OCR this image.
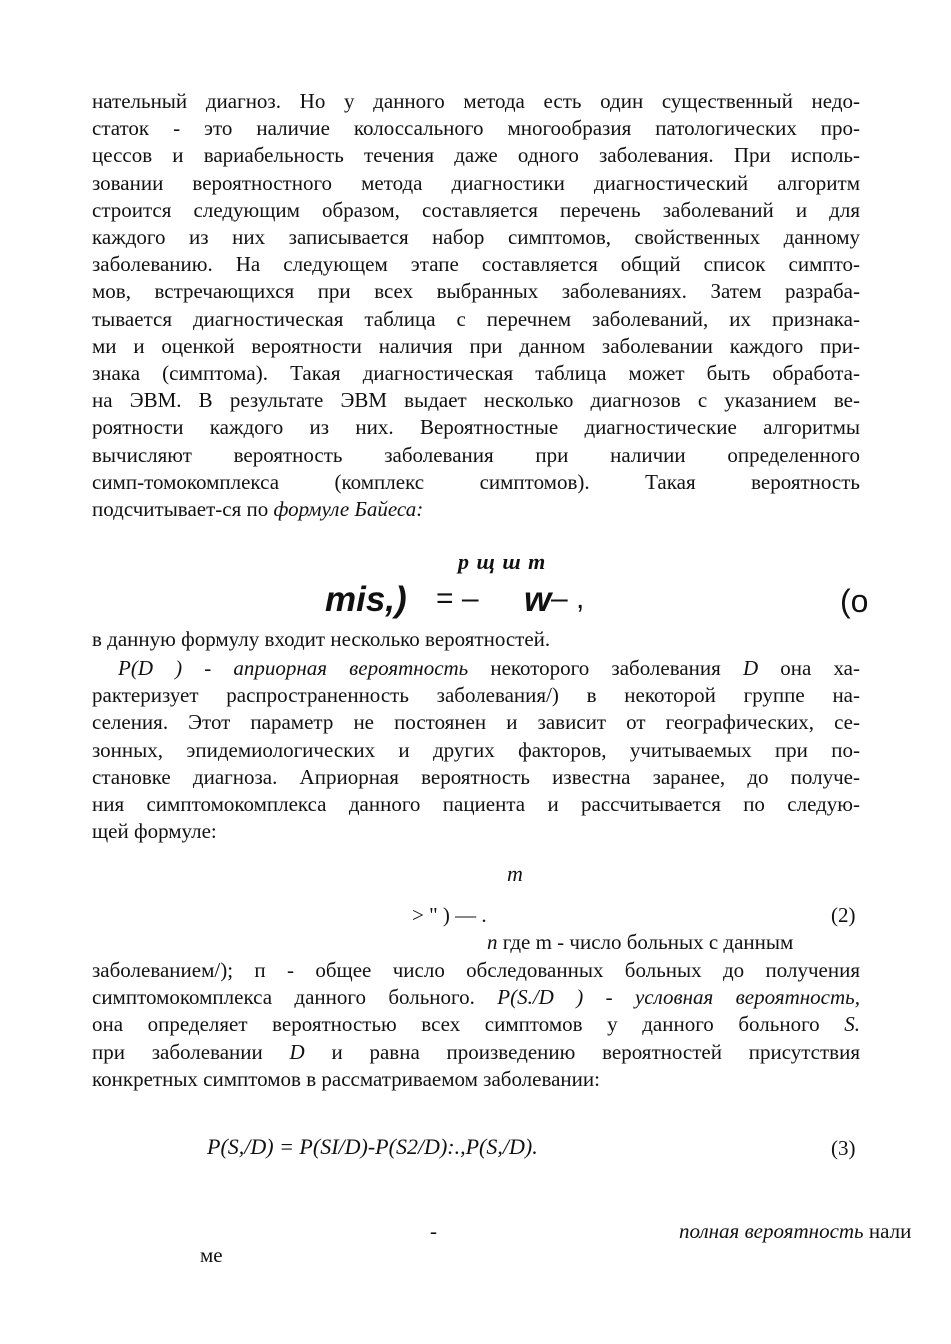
нательный диагноз. Но у данного метода есть один существенный недо-
статок - это наличие колоссального многообразия патологических про-
цессов и вариабельность течения даже одного заболевания. При исполь-
зовании вероятностного метода диагностики диагностический алгоритм
строится следующим образом, составляется перечень заболеваний и для
каждого из них записывается набор симптомов, свойственных данному
заболеванию. На следующем этапе составляется общий список симпто-
мов, встречающихся при всех выбранных заболеваниях. Затем разраба-
тывается диагностическая таблица с перечнем заболеваний, их признака-
ми и оценкой вероятности наличия при данном заболевании каждого при-
знака (симптома). Такая диагностическая таблица может быть обработа-
на ЭВМ. В результате ЭВМ выдает несколько диагнозов с указанием ве-
роятности каждого из них. Вероятностные диагностические алгоритмы
вычисляют вероятность заболевания при наличии определенного
симп-томокомплекса (комплекс симптомов). Такая вероятность
подсчитывает-ся по формуле Байеса:
р щ ш т
mis,) = – w – ,	(о
в данную формулу входит несколько вероятностей.
P(D ) - априорная вероятность некоторого заболевания D она ха-
рактеризует распространенность заболевания/) в некоторой группе на-
селения. Этот параметр не постоянен и зависит от географических, се-
зонных, эпидемиологических и других факторов, учитываемых при по-
становке диагноза. Априорная вероятность известна заранее, до получе-
ния симптомокомплекса данного пациента и рассчитывается по следую-
щей формуле:
т
> " ) — .	(2)
п где m - число больных с данным
заболеванием/); п - общее число обследованных больных до получения
симптомокомплекса данного больного. P(S./D ) - условная вероятность,
она определяет вероятностью всех симптомов у данного больного S.
при заболевании D и равна произведению вероятностей присутствия
конкретных симптомов в рассматриваемом заболевании:
P(S,/D) = P(SI/D)-P(S2/D):.,P(S,/D).	(3)
-	полная вероятность нали
ме
